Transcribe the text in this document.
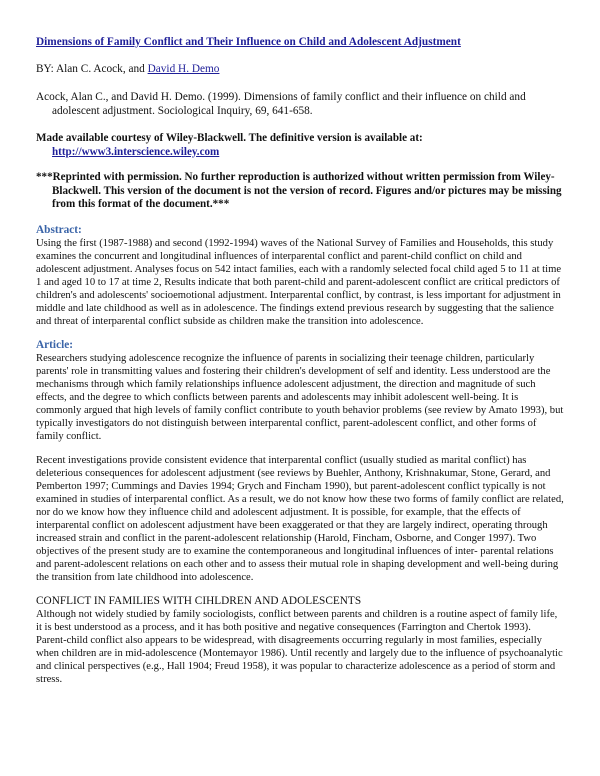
Dimensions of Family Conflict and Their Influence on Child and Adolescent Adjustment
BY: Alan C. Acock, and David H. Demo
Acock, Alan C., and David H. Demo. (1999). Dimensions of family conflict and their influence on child and adolescent adjustment. Sociological Inquiry, 69, 641-658.
Made available courtesy of Wiley-Blackwell. The definitive version is available at:
http://www3.interscience.wiley.com
***Reprinted with permission. No further reproduction is authorized without written permission from Wiley-Blackwell. This version of the document is not the version of record. Figures and/or pictures may be missing from this format of the document.***
Abstract:
Using the first (1987-1988) and second (1992-1994) waves of the National Survey of Families and Households, this study examines the concurrent and longitudinal influences of interparental conflict and parent-child conflict on child and adolescent adjustment. Analyses focus on 542 intact families, each with a randomly selected focal child aged 5 to 11 at time 1 and aged 10 to 17 at time 2, Results indicate that both parent-child and parent-adolescent conflict are critical predictors of children's and adolescents' socioemotional adjustment. Interparental conflict, by contrast, is less important for adjustment in middle and late childhood as well as in adolescence. The findings extend previous research by suggesting that the salience and threat of interparental conflict subside as children make the transition into adolescence.
Article:
Researchers studying adolescence recognize the influence of parents in socializing their teenage children, particularly parents' role in transmitting values and fostering their children's development of self and identity. Less understood are the mechanisms through which family relationships influence adolescent adjustment, the direction and magnitude of such effects, and the degree to which conflicts between parents and adolescents may inhibit adolescent well-being. It is commonly argued that high levels of family conflict contribute to youth behavior problems (see review by Amato 1993), but typically investigators do not distinguish between interparental conflict, parent-adolescent conflict, and other forms of family conflict.
Recent investigations provide consistent evidence that interparental conflict (usually studied as marital conflict) has deleterious consequences for adolescent adjustment (see reviews by Buehler, Anthony, Krishnakumar, Stone, Gerard, and Pemberton 1997; Cummings and Davies 1994; Grych and Fincham 1990), but parent-adolescent conflict typically is not examined in studies of interparental conflict. As a result, we do not know how these two forms of family conflict are related, nor do we know how they influence child and adolescent adjustment. It is possible, for example, that the effects of interparental conflict on adolescent adjustment have been exaggerated or that they are largely indirect, operating through increased strain and conflict in the parent-adolescent relationship (Harold, Fincham, Osborne, and Conger 1997). Two objectives of the present study are to examine the contemporaneous and longitudinal influences of inter- parental relations and parent-adolescent relations on each other and to assess their mutual role in shaping development and well-being during the transition from late childhood into adolescence.
CONFLICT IN FAMILIES WITH CIHLDREN AND ADOLESCENTS
Although not widely studied by family sociologists, conflict between parents and children is a routine aspect of family life, it is best understood as a process, and it has both positive and negative consequences (Farrington and Chertok 1993). Parent-child conflict also appears to be widespread, with disagreements occurring regularly in most families, especially when children are in mid-adolescence (Montemayor 1986). Until recently and largely due to the influence of psychoanalytic and clinical perspectives (e.g., Hall 1904; Freud 1958), it was popular to characterize adolescence as a period of storm and stress.
